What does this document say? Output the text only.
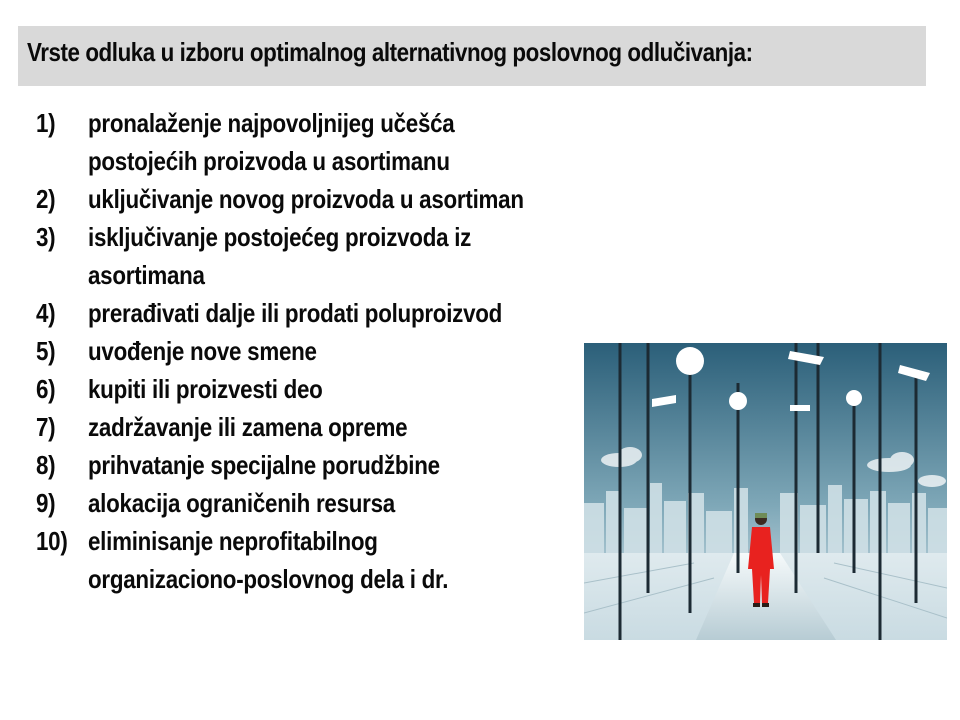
Vrste odluka u izboru optimalnog alternativnog poslovnog odlučivanja:
1)	pronalaženje najpovoljnijeg učešća postojećih proizvoda u asortimanu
2)	uključivanje novog proizvoda u asortiman
3)	isključivanje postojećeg proizvoda iz asortimana
4)	prerađivati dalje ili prodati poluproizvod
5)	uvođenje nove smene
6)	kupiti ili proizvesti deo
7)	zadržavanje ili zamena opreme
8)	prihvatanje specijalne porudžbine
9)	alokacija ograničenih resursa
10) eliminisanje neprofitabilnog organizaciono-poslovnog dela i dr.
